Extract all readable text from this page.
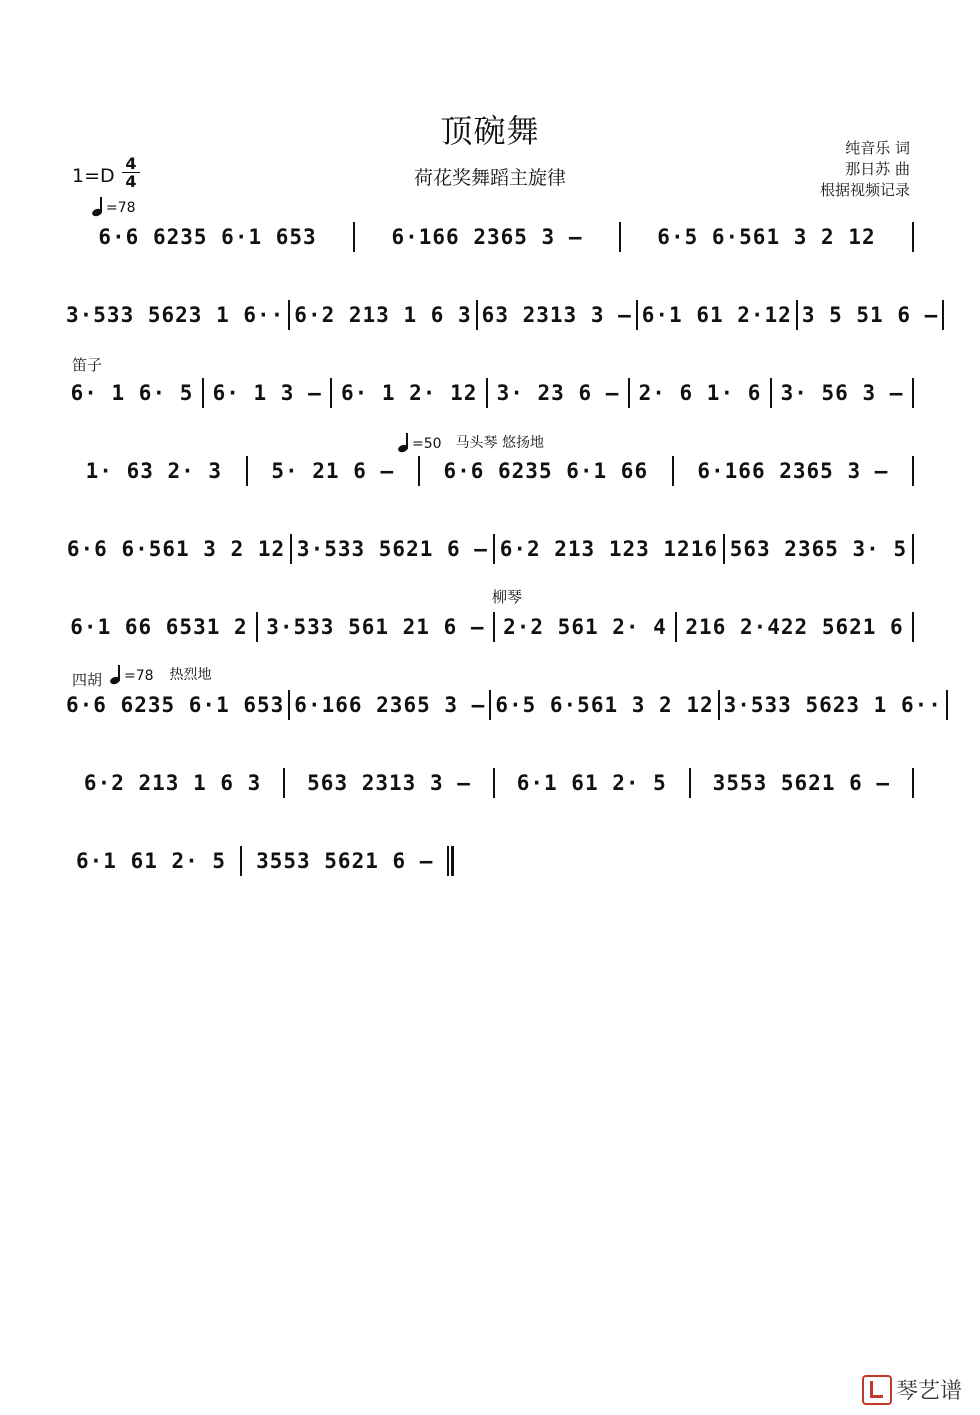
顶碗舞
荷花奖舞蹈主旋律
$1=D \frac{4}{4}$
纯音乐 词
那日苏 曲
根据视频记录
=78
=50 马头琴 悠扬地
=78 热烈地
笛子
柳琴
四胡
6·6 6235 6·1 653	6·166 2365 3 –	6·5 6·561 3 2 12
3·533 5623 1 6·· 6·2 213 1 6 3 63 2313 3 – 6·1 61 2·12 3 5 51 6 –
6· 1 6· 5 6· 1 3 – 6· 1 2· 12 3· 23 6 – 2· 6 1· 6 3· 56 3 –
1· 63 2· 3	5· 21 6 –	6·6 6235 6·1 66	6·166 2365 3 –
6·6 6·561 3 2 12 3·533 5621 6 – 6·2 213 123 1216 563 2365 3· 5
6·1 66 6531 2 3·533 561 21 6 – 2·2 561 2· 4 216 2·422 5621 6
6·6 6235 6·1 653 6·166 2365 3 – 6·5 6·561 3 2 12 3·533 5623 1 6··
6·2 213 1 6 3	563 2313 3 –	6·1 61 2· 5	3553 5621 6 –
6·1 61 2· 5	3553 5621 6 –
琴艺谱
